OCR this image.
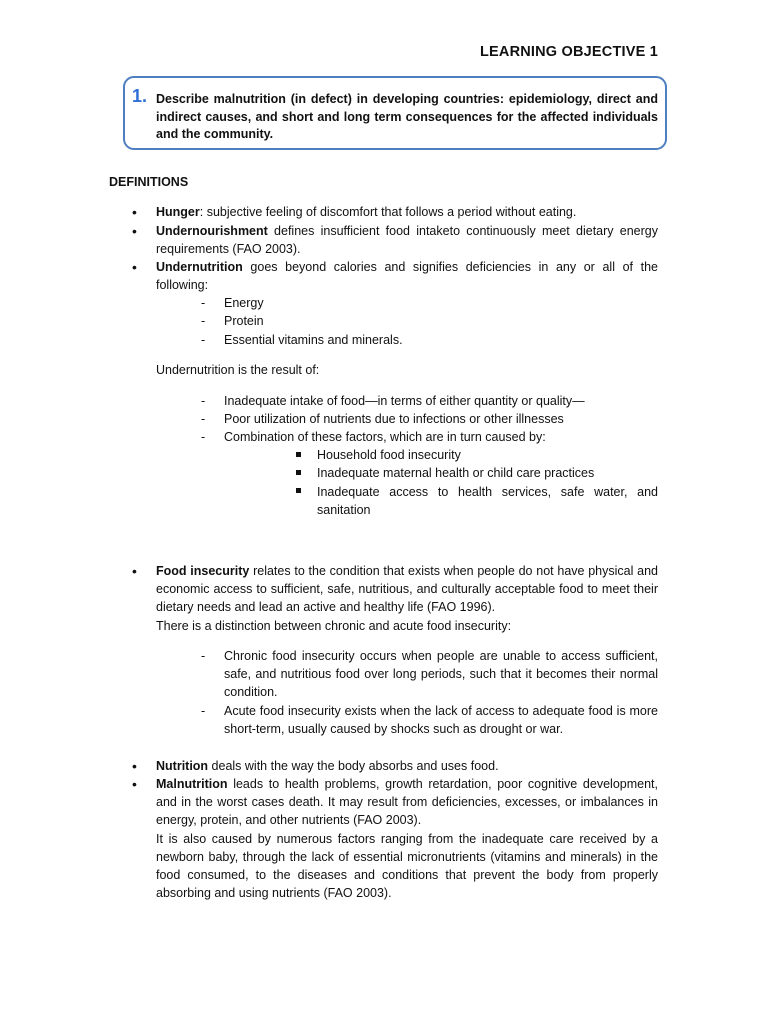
LEARNING OBJECTIVE 1
1. Describe malnutrition (in defect) in developing countries: epidemiology, direct and indirect causes, and short and long term consequences for the affected individuals and the community.
DEFINITIONS
• Hunger: subjective feeling of discomfort that follows a period without eating.
• Undernourishment defines insufficient food intaketo continuously meet dietary energy requirements (FAO 2003).
• Undernutrition goes beyond calories and signifies deficiencies in any or all of the following:
- Energy
- Protein
- Essential vitamins and minerals.
Undernutrition is the result of:
- Inadequate intake of food—in terms of either quantity or quality—
- Poor utilization of nutrients due to infections or other illnesses
- Combination of these factors, which are in turn caused by:
Household food insecurity
Inadequate maternal health or child care practices
Inadequate access to health services, safe water, and sanitation
• Food insecurity relates to the condition that exists when people do not have physical and economic access to sufficient, safe, nutritious, and culturally acceptable food to meet their dietary needs and lead an active and healthy life (FAO 1996).
There is a distinction between chronic and acute food insecurity:
- Chronic food insecurity occurs when people are unable to access sufficient, safe, and nutritious food over long periods, such that it becomes their normal condition.
- Acute food insecurity exists when the lack of access to adequate food is more short-term, usually caused by shocks such as drought or war.
• Nutrition deals with the way the body absorbs and uses food.
• Malnutrition leads to health problems, growth retardation, poor cognitive development, and in the worst cases death. It may result from deficiencies, excesses, or imbalances in energy, protein, and other nutrients (FAO 2003).
It is also caused by numerous factors ranging from the inadequate care received by a newborn baby, through the lack of essential micronutrients (vitamins and minerals) in the food consumed, to the diseases and conditions that prevent the body from properly absorbing and using nutrients (FAO 2003).
